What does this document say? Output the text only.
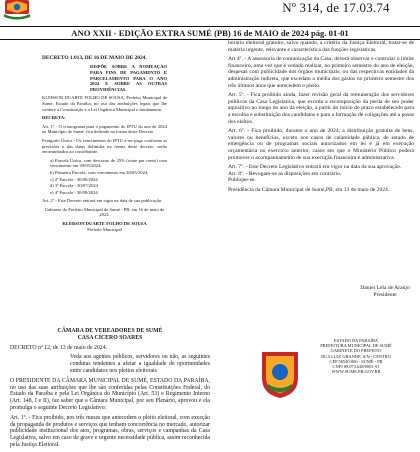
Nº 314, de 17.03.74
ANO XXII - EDIÇÃO EXTRA SUMÉ (PB) 16 de MAIO de 2024 pág. 01-01

DECRETO 1.013, DE 16 DE MAIO DE 2024.

DISPÕE SOBRE A NOMEAÇÃO PARA FINS DE PAGAMENTO E PARCELAMENTO PARA O ANO 2024 E SOBRE AS OUTRAS PROVIDÊNCIAS.

KLEBSON DUARTE FOLHO DE SOUSA, Prefeito Municipal de Sumé, Estado da Paraíba, no uso das atribuições legais que lhe confere a Constituição e a Lei Orgânica Municipal e fundamento,

DECRETA:

Art. 1º - O cronograma para o pagamento do IPTU do ano de 2024 ao Município de Sumé, fica definido na forma deste Decreto.

Parágrafo Único - Os vencimentos do IPTU a ser pago conforme as previsões e das datas definidas na forma deste decreto, serão encaminhados ao contribuinte.

a) Parcela Única, com desconto de 25% (vinte por cento) com vencimento em 30/05/2024;

b) Primeira Parcela, com vencimento em 30/05/2024;

c) 2ª Parcela - 30/06/2024

d) 3ª Parcela - 30/07/2024

e) 4ª Parcela - 30/08/2024

Art. 2º - Este Decreto entrará em vigor na data de sua publicação.

Gabinete do Prefeito Municipal de Sumé - PB, em 16 de maio de 2024.

KLEBSON DUARTE FOLHO DE SOUSA

Prefeito Municipal

CÂMARA DE VEREADORES DE SUMÉ

CASA CÍCERO SOARES

DECRETO nº 12, de 13 de maio de 2024.

Veda aos agentes públicos, servidores ou não, as seguintes condutas tendentes a afetar a igualdade de oportunidades entre candidatos nos pleitos eleitorais

O PRESIDENTE DA CÂMARA MUNICIPAL DE SUMÉ, ESTADO DA PARAÍBA, no uso das suas atribuições que lhe são conferidas pelas Constituições Federal, do Estado da Paraíba e pela Lei Orgânica do Município (Art. 53) e Regimento Interno (Art. 148, I e II), faz saber que a Câmara Municipal, por seu Plenário, aprovou e ela promulga o seguinte Decreto Legislativo:

Art. 1º. - Fica proibido, nos três meses que antecedem o pleito eleitoral, com exceção da propaganda de produtos e serviços que tenham concorrência no mercado, autorizar publicidade institucional dos atos, programas, obras, serviços e campanhas da Casa Legislativa, salvo em caso de grave e urgente necessidade pública, assim reconhecida pela Justiça Eleitoral.

horário eleitoral gratuito, salvo quando, a critério da Justiça Eleitoral, tratar-se de matéria urgente, relevante e característica das funções legislativas.

Art 4º. - A assessoria de comunicação da Casa, deverá observar e controlar o limite financeiro, uma vez que é vedado realizar, no primeiro semestre do ano de eleição, despesas com publicidade dos órgãos municipais, ou das respectivas entidades da administração indireta, que excedam a média dos gastos no primeiro semestre dos três últimos anos que antecedem o pleito.

Art. 5º. - Fica proibido ainda, fazer revisão geral da remuneração dos servidores públicos da Casa Legislativa, que exceda a recomposição da perda de seu poder aquisitivo ao longo do ano da eleição, a partir do início do prazo estabelecido para a escolha e substituição dos candidatos e para a formação de coligações até a posse dos eleitos.

Art. 6º. - Fica proibido, durante o ano de 2024, a distribuição gratuita de bens, valores ou benefícios, exceto nos casos de calamidade pública, de estado de emergência ou de programas sociais autorizados em lei e já em execução orçamentária no exercício anterior, casos em que o Ministério Público poderá promover o acompanhamento de sua execução financeira e administrativa.

Art. 7º. - Este Decreto Legislativo entrará em vigor na data da sua aprovação.

Art. 8º. - Revogam-se as disposições em contrário.

Publique-se.

Presidência da Câmara Municipal de Sumé,PB, em 13 de maio de 2024.

Daniel Léla de Araújo
Presidente
ESTADO DA PARAÍBA
PREFEITURA MUNICIPAL DE SUMÉ
GABINETE DO PREFEITO
RUA LUIZ GRANDE, S/N - CENTRO
CEP 58540-000 - SUMÉ - PB
CNPJ 09.073.628/0001-91
WWW.SUME.PB.GOV.BR
